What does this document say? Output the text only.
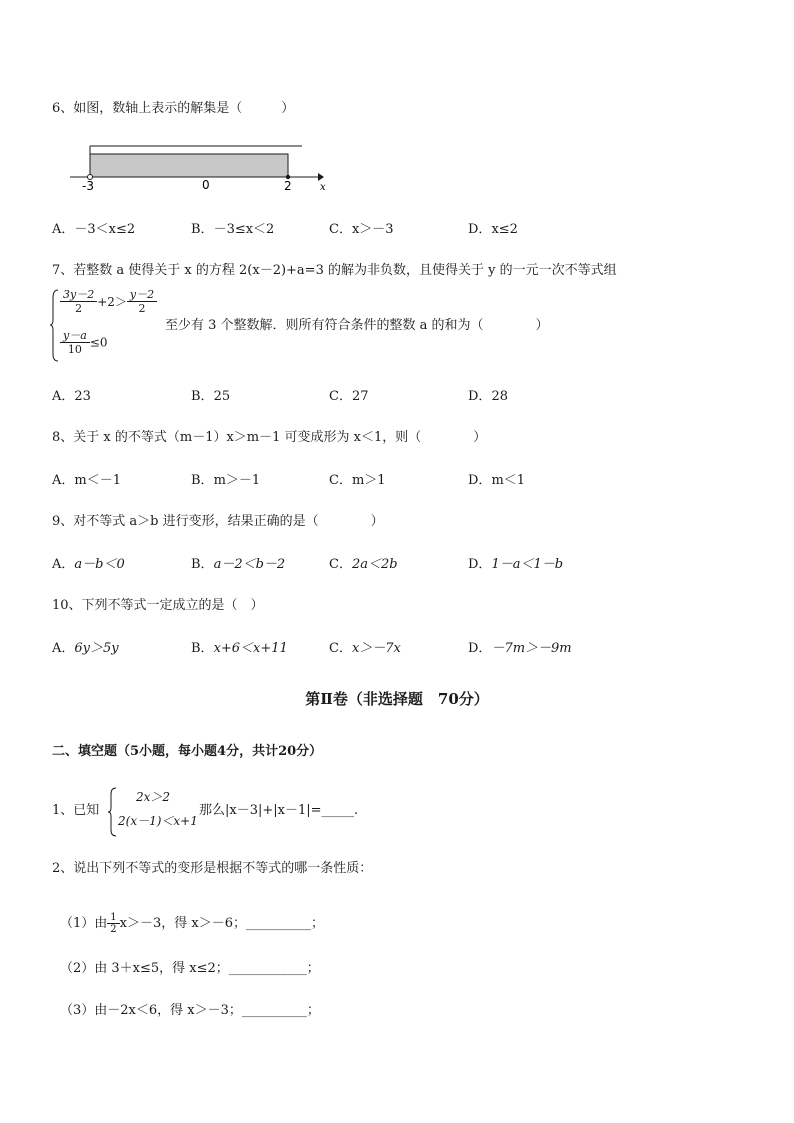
6、如图，数轴上表示的解集是（　　　）
-3	0	2	x
A．－3＜x≤2	B．－3≤x＜2	C．x＞－3	D．x≤2
7、若整数 a 使得关于 x 的方程 2(x－2)+a=3 的解为非负数，且使得关于 y 的一元一次不等式组
$\frac{3y-2}{2} +2> \frac{y-2}{2}$
$\frac{y-a}{10} \le 0$
至少有 3 个整数解．则所有符合条件的整数 a 的和为（　　　　）
A．23	B．25	C．27	D．28
8、关于 x 的不等式（m－1）x＞m－1 可变成形为 x＜1，则（　　　　）
A．m＜－1	B．m＞－1	C．m＞1	D．m＜1
9、对不等式 a＞b 进行变形，结果正确的是（　　　　）
A．a－b＜0	B．a－2＜b－2	C．2a＜2b	D．1－a＜1－b
10、下列不等式一定成立的是（　）
A．6y＞5y	B．x+6＜x+11	C．x＞－7x	D．－7m＞－9m
第Ⅱ卷（非选择题　70分）
二、填空题（5小题，每小题4分，共计20分）
1、已知
2x＞2
2(x－1)＜x+1
那么|x－3|+|x－1|=_____.
2、说出下列不等式的变形是根据不等式的哪一条性质：
（1）由 $\frac{1}{2} x>-3$，得 x＞－6；__________；
（2）由 3＋x≤5，得 x≤2；____________；
（3）由－2x＜6，得 x＞－3；__________；
